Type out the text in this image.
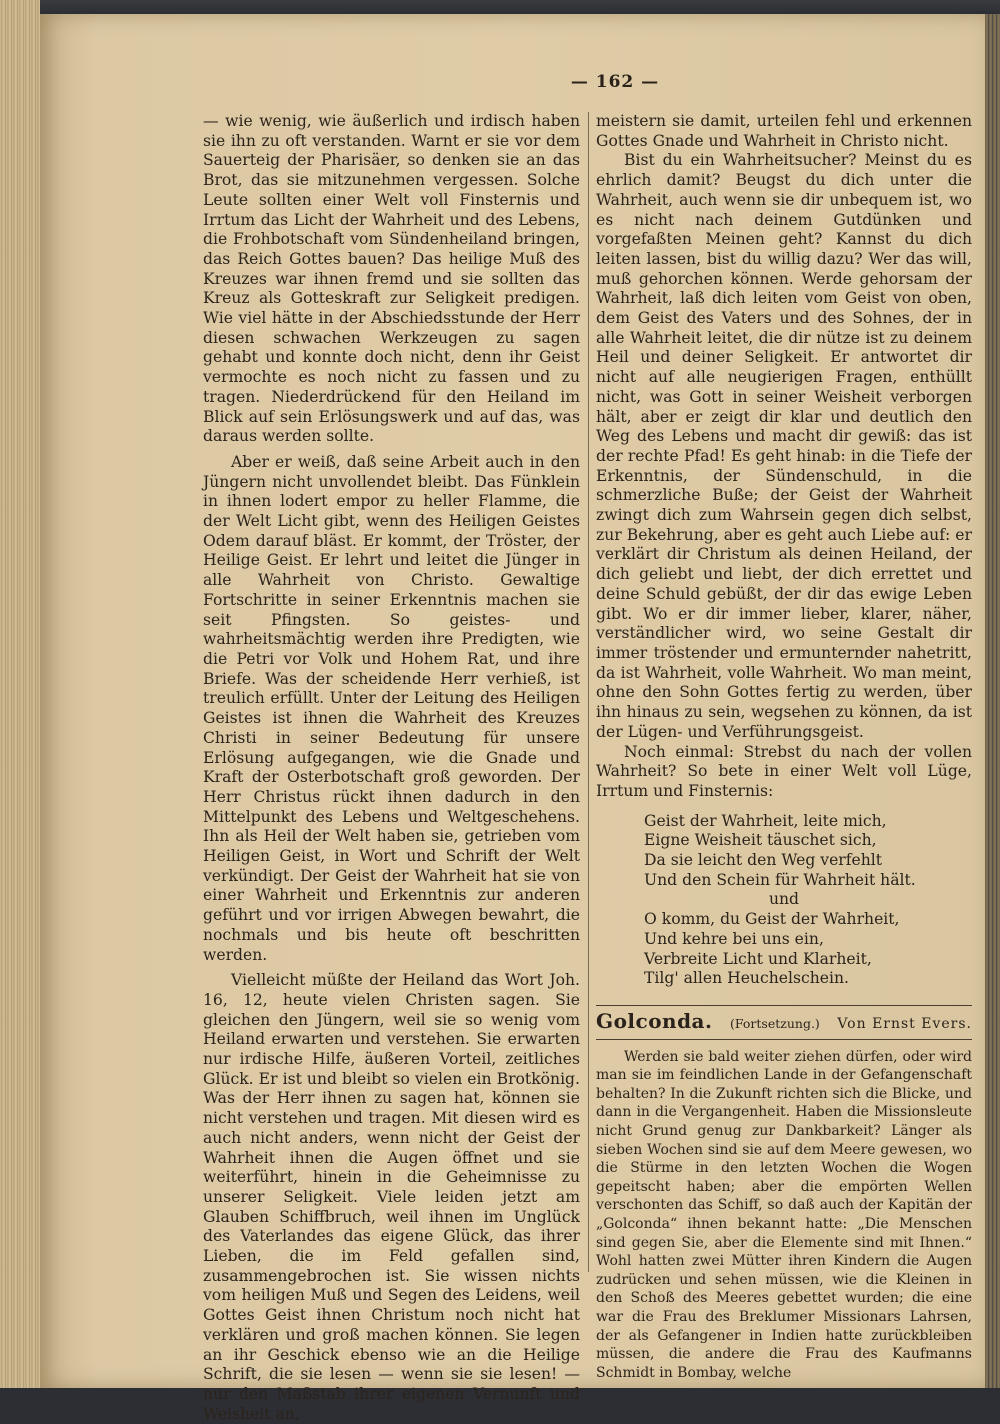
— 162 —

— wie wenig, wie äußerlich und irdisch haben sie ihn zu oft verstanden. Warnt er sie vor dem Sauerteig der Pharisäer, so denken sie an das Brot, das sie mitzunehmen vergessen. Solche Leute sollten einer Welt voll Finsternis und Irrtum das Licht der Wahrheit und des Lebens, die Frohbotschaft vom Sündenheiland bringen, das Reich Gottes bauen? Das heilige Muß des Kreuzes war ihnen fremd und sie sollten das Kreuz als Gotteskraft zur Seligkeit predigen. Wie viel hätte in der Abschiedsstunde der Herr diesen schwachen Werkzeugen zu sagen gehabt und konnte doch nicht, denn ihr Geist vermochte es noch nicht zu fassen und zu tragen. Niederdrückend für den Heiland im Blick auf sein Erlösungswerk und auf das, was daraus werden sollte.

Aber er weiß, daß seine Arbeit auch in den Jüngern nicht unvollendet bleibt. Das Fünklein in ihnen lodert empor zu heller Flamme, die der Welt Licht gibt, wenn des Heiligen Geistes Odem darauf bläst. Er kommt, der Tröster, der Heilige Geist. Er lehrt und leitet die Jünger in alle Wahrheit von Christo. Gewaltige Fortschritte in seiner Erkenntnis machen sie seit Pfingsten. So geistes- und wahrheitsmächtig werden ihre Predigten, wie die Petri vor Volk und Hohem Rat, und ihre Briefe. Was der scheidende Herr verhieß, ist treulich erfüllt. Unter der Leitung des Heiligen Geistes ist ihnen die Wahrheit des Kreuzes Christi in seiner Bedeutung für unsere Erlösung aufgegangen, wie die Gnade und Kraft der Osterbotschaft groß geworden. Der Herr Christus rückt ihnen dadurch in den Mittelpunkt des Lebens und Weltgeschehens. Ihn als Heil der Welt haben sie, getrieben vom Heiligen Geist, in Wort und Schrift der Welt verkündigt. Der Geist der Wahrheit hat sie von einer Wahrheit und Erkenntnis zur anderen geführt und vor irrigen Abwegen bewahrt, die nochmals und bis heute oft beschritten werden.

Vielleicht müßte der Heiland das Wort Joh. 16, 12, heute vielen Christen sagen. Sie gleichen den Jüngern, weil sie so wenig vom Heiland erwarten und verstehen. Sie erwarten nur irdische Hilfe, äußeren Vorteil, zeitliches Glück. Er ist und bleibt so vielen ein Brotkönig. Was der Herr ihnen zu sagen hat, können sie nicht verstehen und tragen. Mit diesen wird es auch nicht anders, wenn nicht der Geist der Wahrheit ihnen die Augen öffnet und sie weiterführt, hinein in die Geheimnisse zu unserer Seligkeit. Viele leiden jetzt am Glauben Schiffbruch, weil ihnen im Unglück des Vaterlandes das eigene Glück, das ihrer Lieben, die im Feld gefallen sind, zusammengebrochen ist. Sie wissen nichts vom heiligen Muß und Segen des Leidens, weil Gottes Geist ihnen Christum noch nicht hat verklären und groß machen können. Sie legen an ihr Geschick ebenso wie an die Heilige Schrift, die sie lesen — wenn sie sie lesen! — nur den Maßstab ihrer eigenen Vernunft und Weisheit an,

meistern sie damit, urteilen fehl und erkennen Gottes Gnade und Wahrheit in Christo nicht.

Bist du ein Wahrheitsucher? Meinst du es ehrlich damit? Beugst du dich unter die Wahrheit, auch wenn sie dir unbequem ist, wo es nicht nach deinem Gutdünken und vorgefaßten Meinen geht? Kannst du dich leiten lassen, bist du willig dazu? Wer das will, muß gehorchen können. Werde gehorsam der Wahrheit, laß dich leiten vom Geist von oben, dem Geist des Vaters und des Sohnes, der in alle Wahrheit leitet, die dir nütze ist zu deinem Heil und deiner Seligkeit. Er antwortet dir nicht auf alle neugierigen Fragen, enthüllt nicht, was Gott in seiner Weisheit verborgen hält, aber er zeigt dir klar und deutlich den Weg des Lebens und macht dir gewiß: das ist der rechte Pfad! Es geht hinab: in die Tiefe der Erkenntnis, der Sündenschuld, in die schmerzliche Buße; der Geist der Wahrheit zwingt dich zum Wahrsein gegen dich selbst, zur Bekehrung, aber es geht auch Liebe auf: er verklärt dir Christum als deinen Heiland, der dich geliebt und liebt, der dich errettet und deine Schuld gebüßt, der dir das ewige Leben gibt. Wo er dir immer lieber, klarer, näher, verständlicher wird, wo seine Gestalt dir immer tröstender und ermunternder nahetritt, da ist Wahrheit, volle Wahrheit. Wo man meint, ohne den Sohn Gottes fertig zu werden, über ihn hinaus zu sein, wegsehen zu können, da ist der Lügen- und Verführungsgeist.

Noch einmal: Strebst du nach der vollen Wahrheit? So bete in einer Welt voll Lüge, Irrtum und Finsternis:

Geist der Wahrheit, leite mich,
Eigne Weisheit täuschet sich,
Da sie leicht den Weg verfehlt
Und den Schein für Wahrheit hält.
und
O komm, du Geist der Wahrheit,
Und kehre bei uns ein,
Verbreite Licht und Klarheit,
Tilg' allen Heuchelschein.
Golconda. (Fortsetzung.) Von Ernst Evers.

Werden sie bald weiter ziehen dürfen, oder wird man sie im feindlichen Lande in der Gefangenschaft behalten? In die Zukunft richten sich die Blicke, und dann in die Vergangenheit. Haben die Missionsleute nicht Grund genug zur Dankbarkeit? Länger als sieben Wochen sind sie auf dem Meere gewesen, wo die Stürme in den letzten Wochen die Wogen gepeitscht haben; aber die empörten Wellen verschonten das Schiff, so daß auch der Kapitän der „Golconda“ ihnen bekannt hatte: „Die Menschen sind gegen Sie, aber die Elemente sind mit Ihnen.“ Wohl hatten zwei Mütter ihren Kindern die Augen zudrücken und sehen müssen, wie die Kleinen in den Schoß des Meeres gebettet wurden; die eine war die Frau des Breklumer Missionars Lahrsen, der als Gefangener in Indien hatte zurückbleiben müssen, die andere die Frau des Kaufmanns Schmidt in Bombay, welche
